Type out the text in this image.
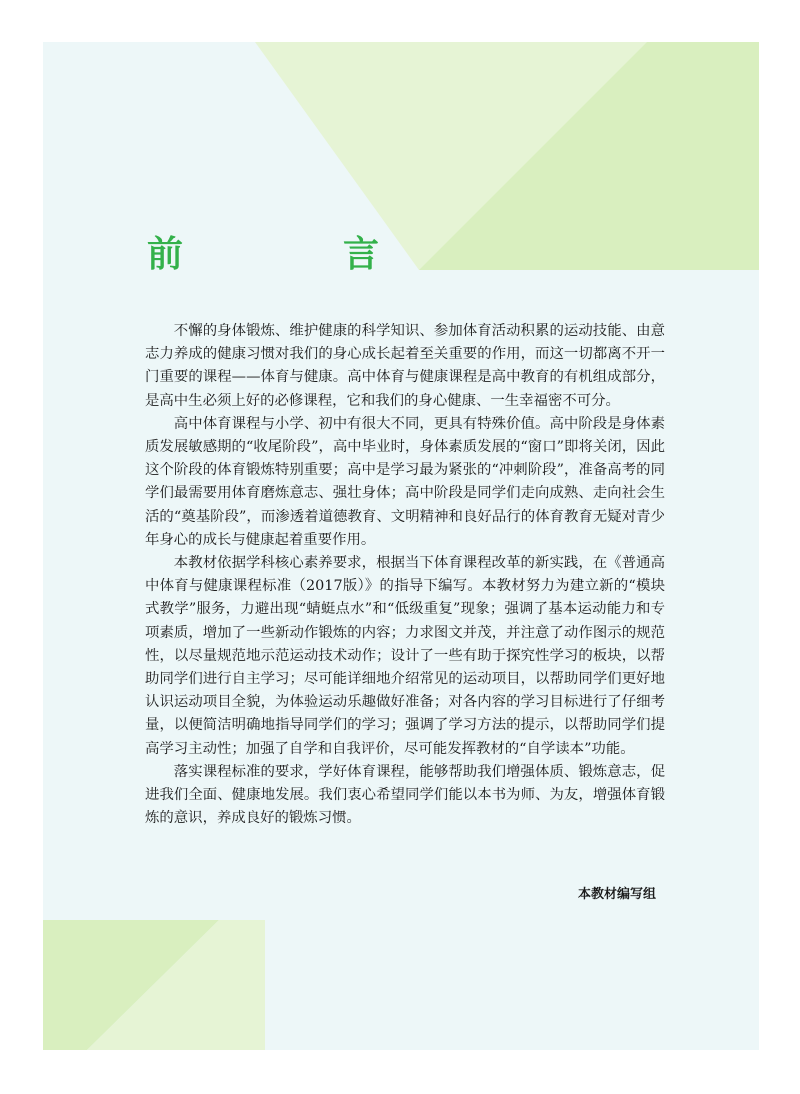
前　言

不懈的身体锻炼、维护健康的科学知识、参加体育活动积累的运动技能、由意志力养成的健康习惯对我们的身心成长起着至关重要的作用，而这一切都离不开一门重要的课程——体育与健康。高中体育与健康课程是高中教育的有机组成部分，是高中生必须上好的必修课程，它和我们的身心健康、一生幸福密不可分。

高中体育课程与小学、初中有很大不同，更具有特殊价值。高中阶段是身体素质发展敏感期的“收尾阶段”，高中毕业时，身体素质发展的“窗口”即将关闭，因此这个阶段的体育锻炼特别重要；高中是学习最为紧张的“冲刺阶段”，准备高考的同学们最需要用体育磨炼意志、强壮身体；高中阶段是同学们走向成熟、走向社会生活的“奠基阶段”，而渗透着道德教育、文明精神和良好品行的体育教育无疑对青少年身心的成长与健康起着重要作用。

本教材依据学科核心素养要求，根据当下体育课程改革的新实践，在《普通高中体育与健康课程标准（2017版）》的指导下编写。本教材努力为建立新的“模块式教学”服务，力避出现“蜻蜓点水”和“低级重复”现象；强调了基本运动能力和专项素质，增加了一些新动作锻炼的内容；力求图文并茂，并注意了动作图示的规范性，以尽量规范地示范运动技术动作；设计了一些有助于探究性学习的板块，以帮助同学们进行自主学习；尽可能详细地介绍常见的运动项目，以帮助同学们更好地认识运动项目全貌，为体验运动乐趣做好准备；对各内容的学习目标进行了仔细考量，以便简洁明确地指导同学们的学习；强调了学习方法的提示，以帮助同学们提高学习主动性；加强了自学和自我评价，尽可能发挥教材的“自学读本”功能。

落实课程标准的要求，学好体育课程，能够帮助我们增强体质、锻炼意志，促进我们全面、健康地发展。我们衷心希望同学们能以本书为师、为友，增强体育锻炼的意识，养成良好的锻炼习惯。

本教材编写组
